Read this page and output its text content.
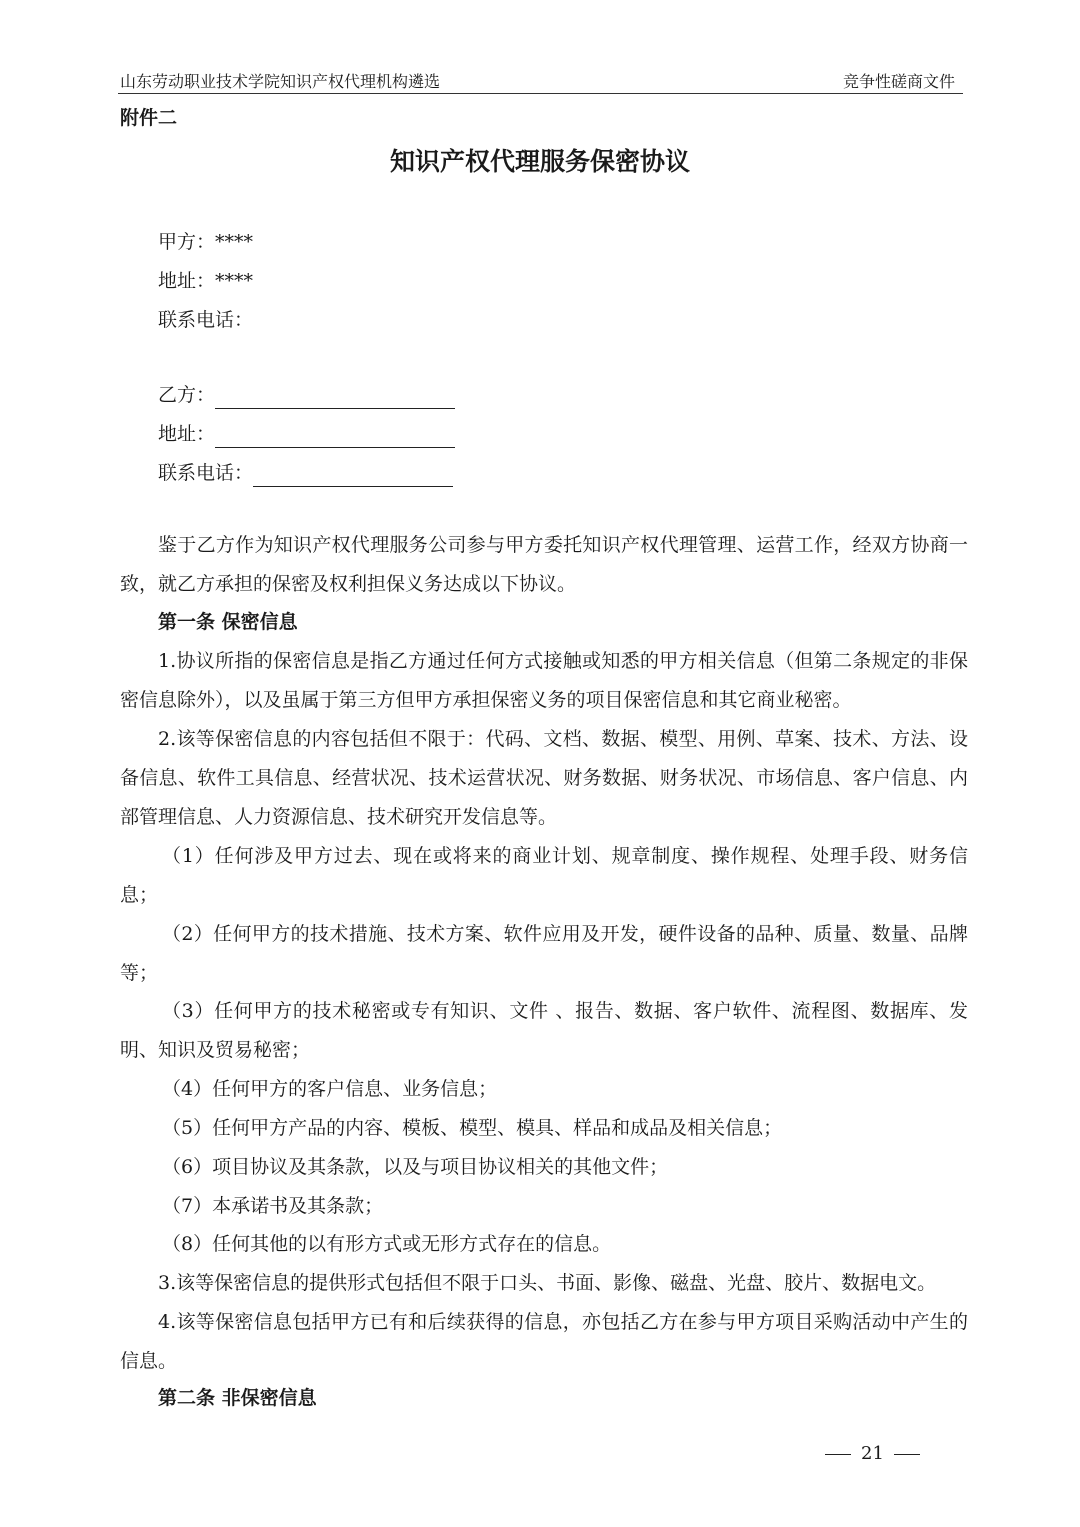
山东劳动职业技术学院知识产权代理机构遴选	竞争性磋商文件
附件二
知识产权代理服务保密协议
甲方：****
地址：****
联系电话：
乙方：
地址：
联系电话：
鉴于乙方作为知识产权代理服务公司参与甲方委托知识产权代理管理、运营工作，经双方协商一致，就乙方承担的保密及权利担保义务达成以下协议。
第一条 保密信息
1.协议所指的保密信息是指乙方通过任何方式接触或知悉的甲方相关信息（但第二条规定的非保密信息除外），以及虽属于第三方但甲方承担保密义务的项目保密信息和其它商业秘密。
2.该等保密信息的内容包括但不限于：代码、文档、数据、模型、用例、草案、技术、方法、设备信息、软件工具信息、经营状况、技术运营状况、财务数据、财务状况、市场信息、客户信息、内部管理信息、人力资源信息、技术研究开发信息等。
（1）任何涉及甲方过去、现在或将来的商业计划、规章制度、操作规程、处理手段、财务信息；
（2）任何甲方的技术措施、技术方案、软件应用及开发，硬件设备的品种、质量、数量、品牌等；
（3）任何甲方的技术秘密或专有知识、文件 、报告、数据、客户软件、流程图、数据库、发明、知识及贸易秘密；
（4）任何甲方的客户信息、业务信息；
（5）任何甲方产品的内容、模板、模型、模具、样品和成品及相关信息；
（6）项目协议及其条款，以及与项目协议相关的其他文件；
（7）本承诺书及其条款；
（8）任何其他的以有形方式或无形方式存在的信息。
3.该等保密信息的提供形式包括但不限于口头、书面、影像、磁盘、光盘、胶片、数据电文。
4.该等保密信息包括甲方已有和后续获得的信息，亦包括乙方在参与甲方项目采购活动中产生的信息。
第二条 非保密信息
21
